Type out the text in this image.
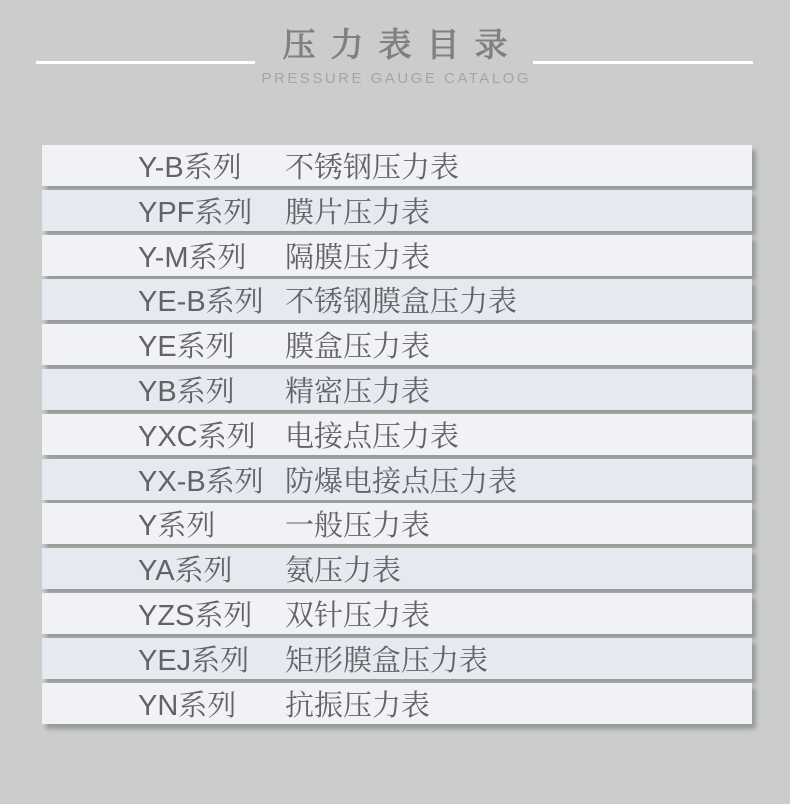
压力表目录
PRESSURE GAUGE CATALOG
Y-B系列	不锈钢压力表
YPF系列	膜片压力表
Y-M系列	隔膜压力表
YE-B系列 不锈钢膜盒压力表
YE系列	膜盒压力表
YB系列	精密压力表
YXC系列	电接点压力表
YX-B系列 防爆电接点压力表
Y系列	一般压力表
YA系列	氨压力表
YZS系列	双针压力表
YEJ系列	矩形膜盒压力表
YN系列	抗振压力表
